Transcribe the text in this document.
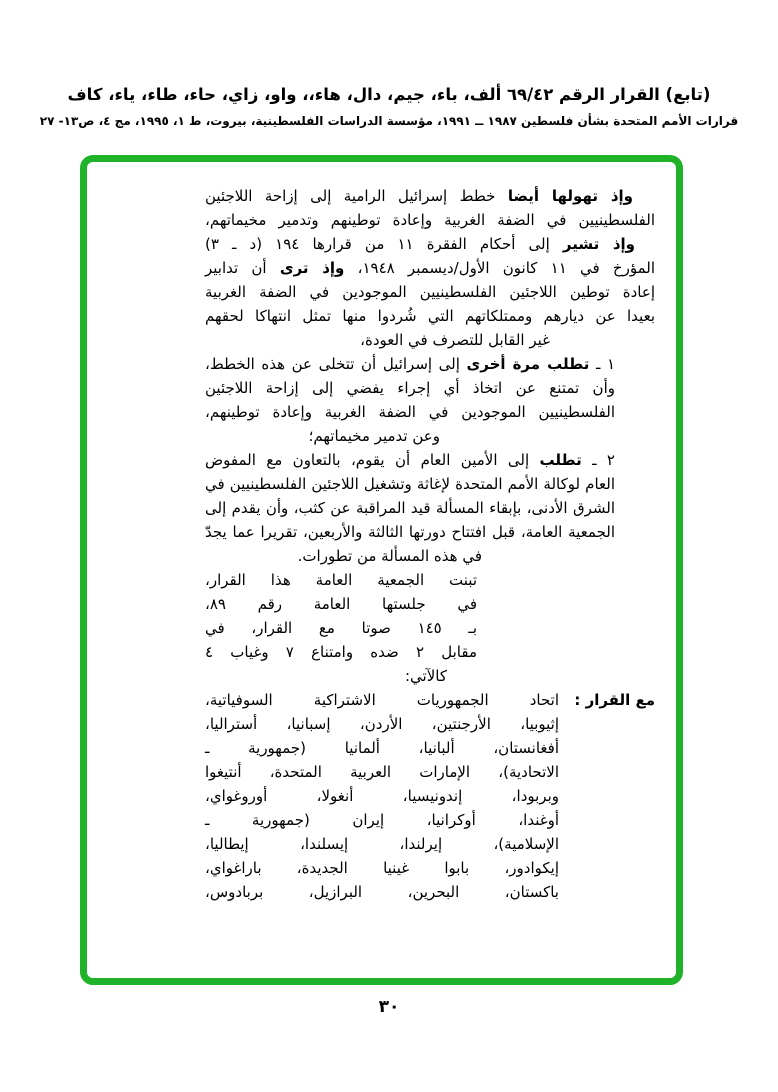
(تابع) القرار الرقم ٦٩/٤٢ ألف، باء، جيم، دال، هاء،، واو، زاي، حاء، طاء، ياء، كاف
قرارات الأمم المتحدة بشأن فلسطين ١٩٨٧ ــ ١٩٩١، مؤسسة الدراسات الفلسطينية، بيروت، ط ١، ١٩٩٥، مج ٤، ص١٣- ٢٧
وإذ تهولها أيضا خطط إسرائيل الرامية إلى إزاحة اللاجئين
الفلسطينيين في الضفة الغربية وإعادة توطينهم وتدمير مخيماتهم،
وإذ تشير إلى أحكام الفقرة ١١ من قرارها ١٩٤ (د ـ ٣)
المؤرخ في ١١ كانون الأول/ديسمبر ١٩٤٨، وإذ ترى أن تدابير
إعادة توطين اللاجئين الفلسطينيين الموجودين في الضفة الغربية
بعيدا عن ديارهم وممتلكاتهم التي شُردوا منها تمثل انتهاكا لحقهم
غير القابل للتصرف في العودة،
١ ـ تطلب مرة أخرى إلى إسرائيل أن تتخلى عن هذه الخطط،
وأن تمتنع عن اتخاذ أي إجراء يفضي إلى إزاحة اللاجئين
الفلسطينيين الموجودين في الضفة الغربية وإعادة توطينهم،
وعن تدمير مخيماتهم؛
٢ ـ تطلب إلى الأمين العام أن يقوم، بالتعاون مع المفوض
العام لوكالة الأمم المتحدة لإغاثة وتشغيل اللاجئين الفلسطينيين في
الشرق الأدنى، بإبقاء المسألة قيد المراقبة عن كثب، وأن يقدم إلى
الجمعية العامة، قبل افتتاح دورتها الثالثة والأربعين، تقريرا عما يجدّ
في هذه المسألة من تطورات.
تبنت الجمعية العامة هذا القرار،
في جلستها العامة رقم ٨٩،
بـ ١٤٥ صوتا مع القرار، في
مقابل ٢ ضده وامتناع ٧ وغياب ٤
كالآتي:
مع القرار :
اتحاد الجمهوريات الاشتراكية السوفياتية،
إثيوبيا، الأرجنتين، الأردن، إسبانيا، أستراليا،
أفغانستان، ألبانيا، ألمانيا (جمهورية ـ
الاتحادية)، الإمارات العربية المتحدة، أنتيغوا
وبربودا، إندونيسيا، أنغولا، أوروغواي،
أوغندا، أوكرانيا، إيران (جمهورية ـ
الإسلامية)، إيرلندا، إيسلندا، إيطاليا،
إيكوادور، بابوا غينيا الجديدة، باراغواي،
باكستان، البحرين، البرازيل، بربادوس،
٣٠
